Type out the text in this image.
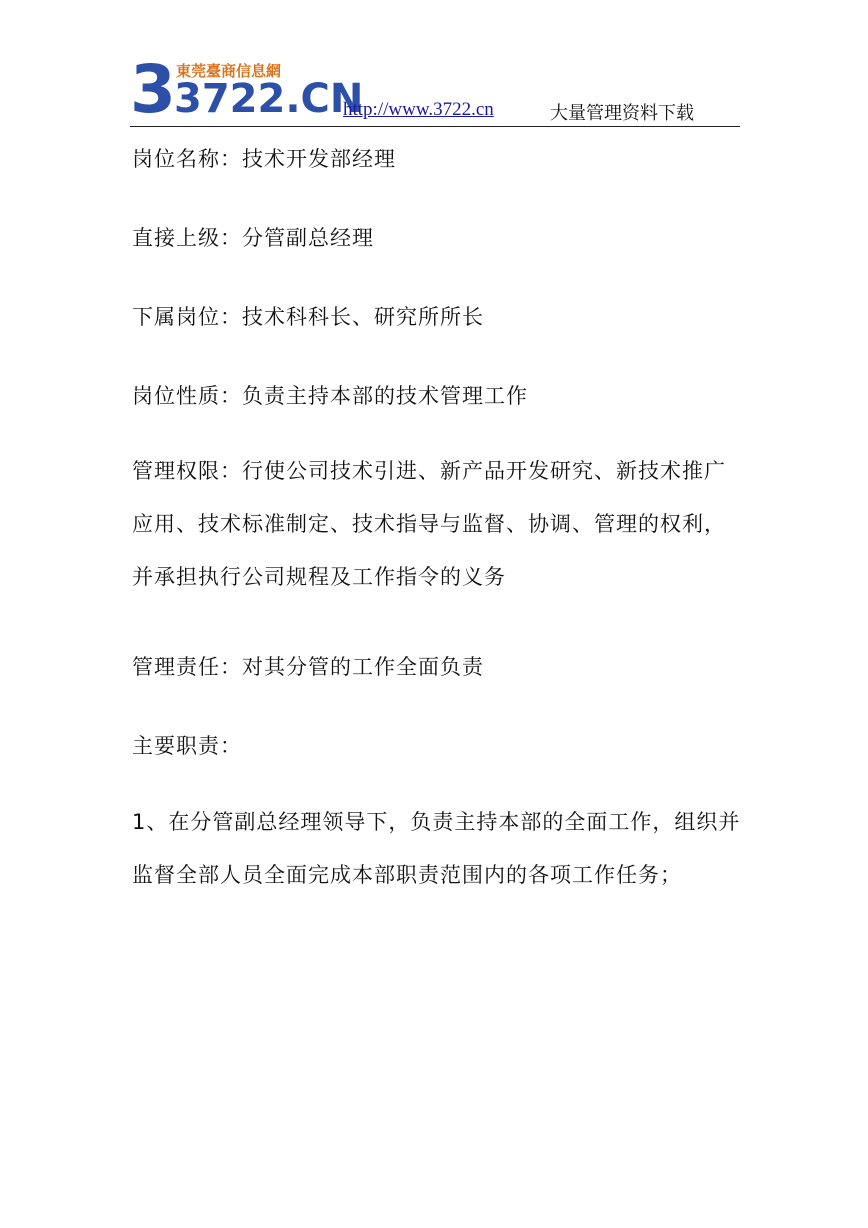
3
3722.CN
東莞臺商信息網
http://www.3722.cn	大量管理资料下载

岗位名称：技术开发部经理

直接上级：分管副总经理

下属岗位：技术科科长、研究所所长

岗位性质：负责主持本部的技术管理工作

管理权限：行使公司技术引进、新产品开发研究、新技术推广应用、技术标准制定、技术指导与监督、协调、管理的权利，并承担执行公司规程及工作指令的义务

管理责任：对其分管的工作全面负责

主要职责：

1、在分管副总经理领导下，负责主持本部的全面工作，组织并监督全部人员全面完成本部职责范围内的各项工作任务；
